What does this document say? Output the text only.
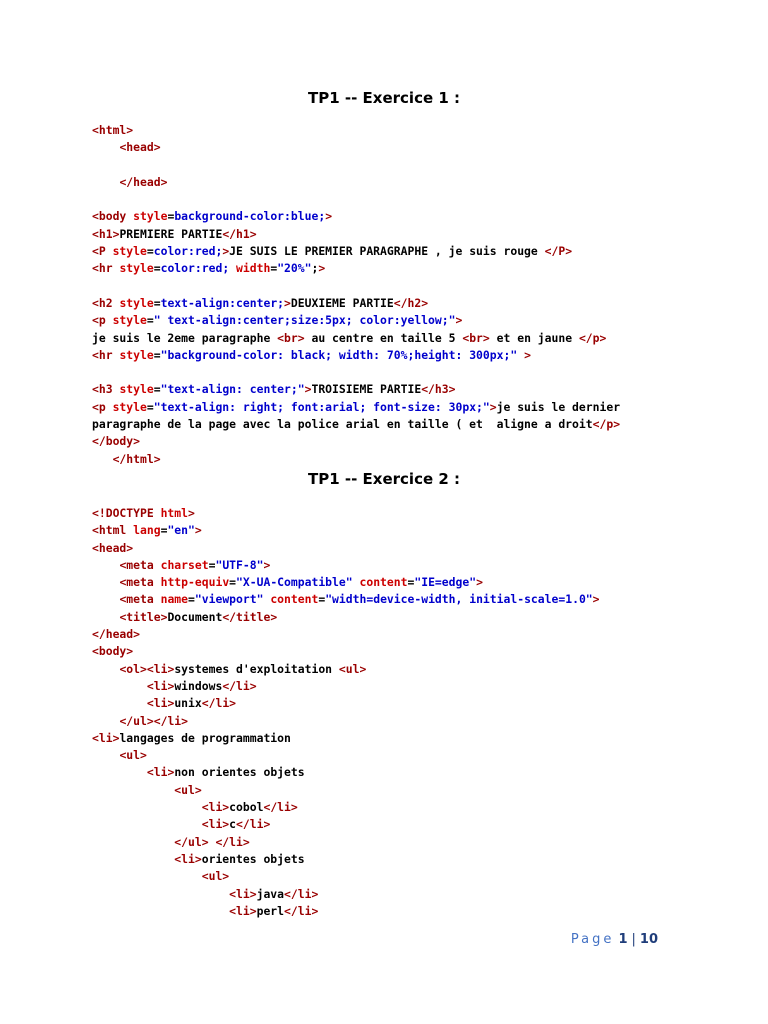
TP1 -- Exercice 1 :
<html>
<head>
</head>
<body style=background-color:blue;>
<h1>PREMIERE PARTIE</h1>
<P style=color:red;>JE SUIS LE PREMIER PARAGRAPHE , je suis rouge </P>
<hr style=color:red; width="20%";>
<h2 style=text-align:center;>DEUXIEME PARTIE</h2>
<p style=" text-align:center;size:5px; color:yellow;">
je suis le 2eme paragraphe <br> au centre en taille 5 <br> et en jaune </p>
<hr style="background-color: black; width: 70%;height: 300px;" >
<h3 style="text-align: center;">TROISIEME PARTIE</h3>
<p style="text-align: right; font:arial; font-size: 30px;">je suis le dernier
paragraphe de la page avec la police arial en taille ( et  aligne a droit</p>
</body>
</html>
TP1 -- Exercice 2 :
<!DOCTYPE html>
<html lang="en">
<head>
<meta charset="UTF-8">
<meta http-equiv="X-UA-Compatible" content="IE=edge">
<meta name="viewport" content="width=device-width, initial-scale=1.0">
<title>Document</title>
</head>
<body>
<ol><li>systemes d'exploitation <ul>
<li>windows</li>
<li>unix</li>
</ul></li>
<li>langages de programmation
<ul>
<li>non orientes objets
<ul>
<li>cobol</li>
<li>c</li>
</ul> </li>
<li>orientes objets
<ul>
<li>java</li>
<li>perl</li>
Page 1 | 10
